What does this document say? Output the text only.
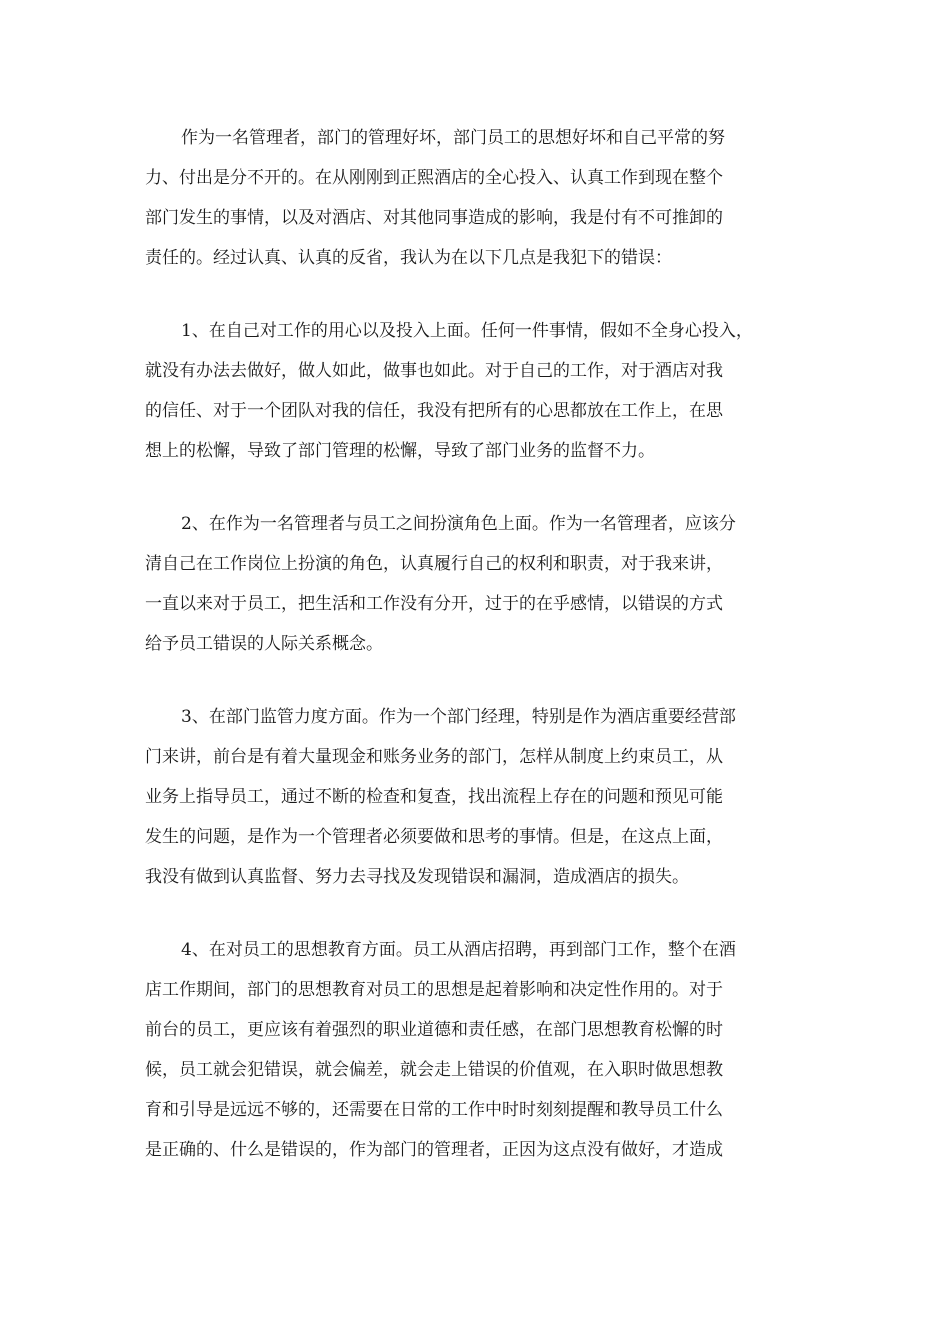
作为一名管理者，部门的管理好坏，部门员工的思想好坏和自己平常的努
力、付出是分不开的。在从刚刚到正熙酒店的全心投入、认真工作到现在整个
部门发生的事情，以及对酒店、对其他同事造成的影响，我是付有不可推卸的
责任的。经过认真、认真的反省，我认为在以下几点是我犯下的错误：

1、在自己对工作的用心以及投入上面。任何一件事情，假如不全身心投入，
就没有办法去做好，做人如此，做事也如此。对于自己的工作，对于酒店对我
的信任、对于一个团队对我的信任，我没有把所有的心思都放在工作上，在思
想上的松懈，导致了部门管理的松懈，导致了部门业务的监督不力。

2、在作为一名管理者与员工之间扮演角色上面。作为一名管理者，应该分
清自己在工作岗位上扮演的角色，认真履行自己的权利和职责，对于我来讲，
一直以来对于员工，把生活和工作没有分开，过于的在乎感情，以错误的方式
给予员工错误的人际关系概念。

3、在部门监管力度方面。作为一个部门经理，特别是作为酒店重要经营部
门来讲，前台是有着大量现金和账务业务的部门，怎样从制度上约束员工，从
业务上指导员工，通过不断的检查和复查，找出流程上存在的问题和预见可能
发生的问题，是作为一个管理者必须要做和思考的事情。但是，在这点上面，
我没有做到认真监督、努力去寻找及发现错误和漏洞，造成酒店的损失。

4、在对员工的思想教育方面。员工从酒店招聘，再到部门工作，整个在酒
店工作期间，部门的思想教育对员工的思想是起着影响和决定性作用的。对于
前台的员工，更应该有着强烈的职业道德和责任感，在部门思想教育松懈的时
候，员工就会犯错误，就会偏差，就会走上错误的价值观，在入职时做思想教
育和引导是远远不够的，还需要在日常的工作中时时刻刻提醒和教导员工什么
是正确的、什么是错误的，作为部门的管理者，正因为这点没有做好，才造成
